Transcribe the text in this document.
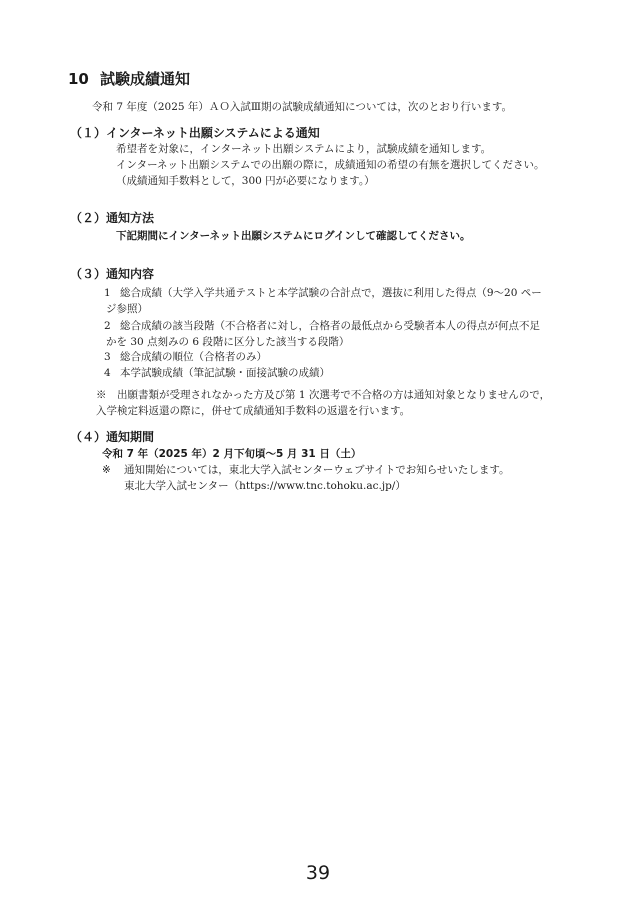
10 試験成績通知
令和 7 年度（2025 年）ＡＯ入試Ⅲ期の試験成績通知については，次のとおり行います。
（１）インターネット出願システムによる通知
希望者を対象に，インターネット出願システムにより，試験成績を通知します。
インターネット出願システムでの出願の際に，成績通知の希望の有無を選択してください。
（成績通知手数料として，300 円が必要になります。）
（２）通知方法
下記期間にインターネット出願システムにログインして確認してください。
（３）通知内容
1 総合成績（大学入学共通テストと本学試験の合計点で，選抜に利用した得点（9〜20 ページ参照）
2 総合成績の該当段階（不合格者に対し，合格者の最低点から受験者本人の得点が何点不足かを 30 点刻みの 6 段階に区分した該当する段階）
3 総合成績の順位（合格者のみ）
4 本学試験成績（筆記試験・面接試験の成績）
※　出願書類が受理されなかった方及び第 1 次選考で不合格の方は通知対象となりませんので，入学検定料返還の際に，併せて成績通知手数料の返還を行います。
（４）通知期間
令和 7 年（2025 年）2 月下旬頃〜5 月 31 日（土）
※ 通知開始については，東北大学入試センターウェブサイトでお知らせいたします。
東北大学入試センター（https://www.tnc.tohoku.ac.jp/）
39
